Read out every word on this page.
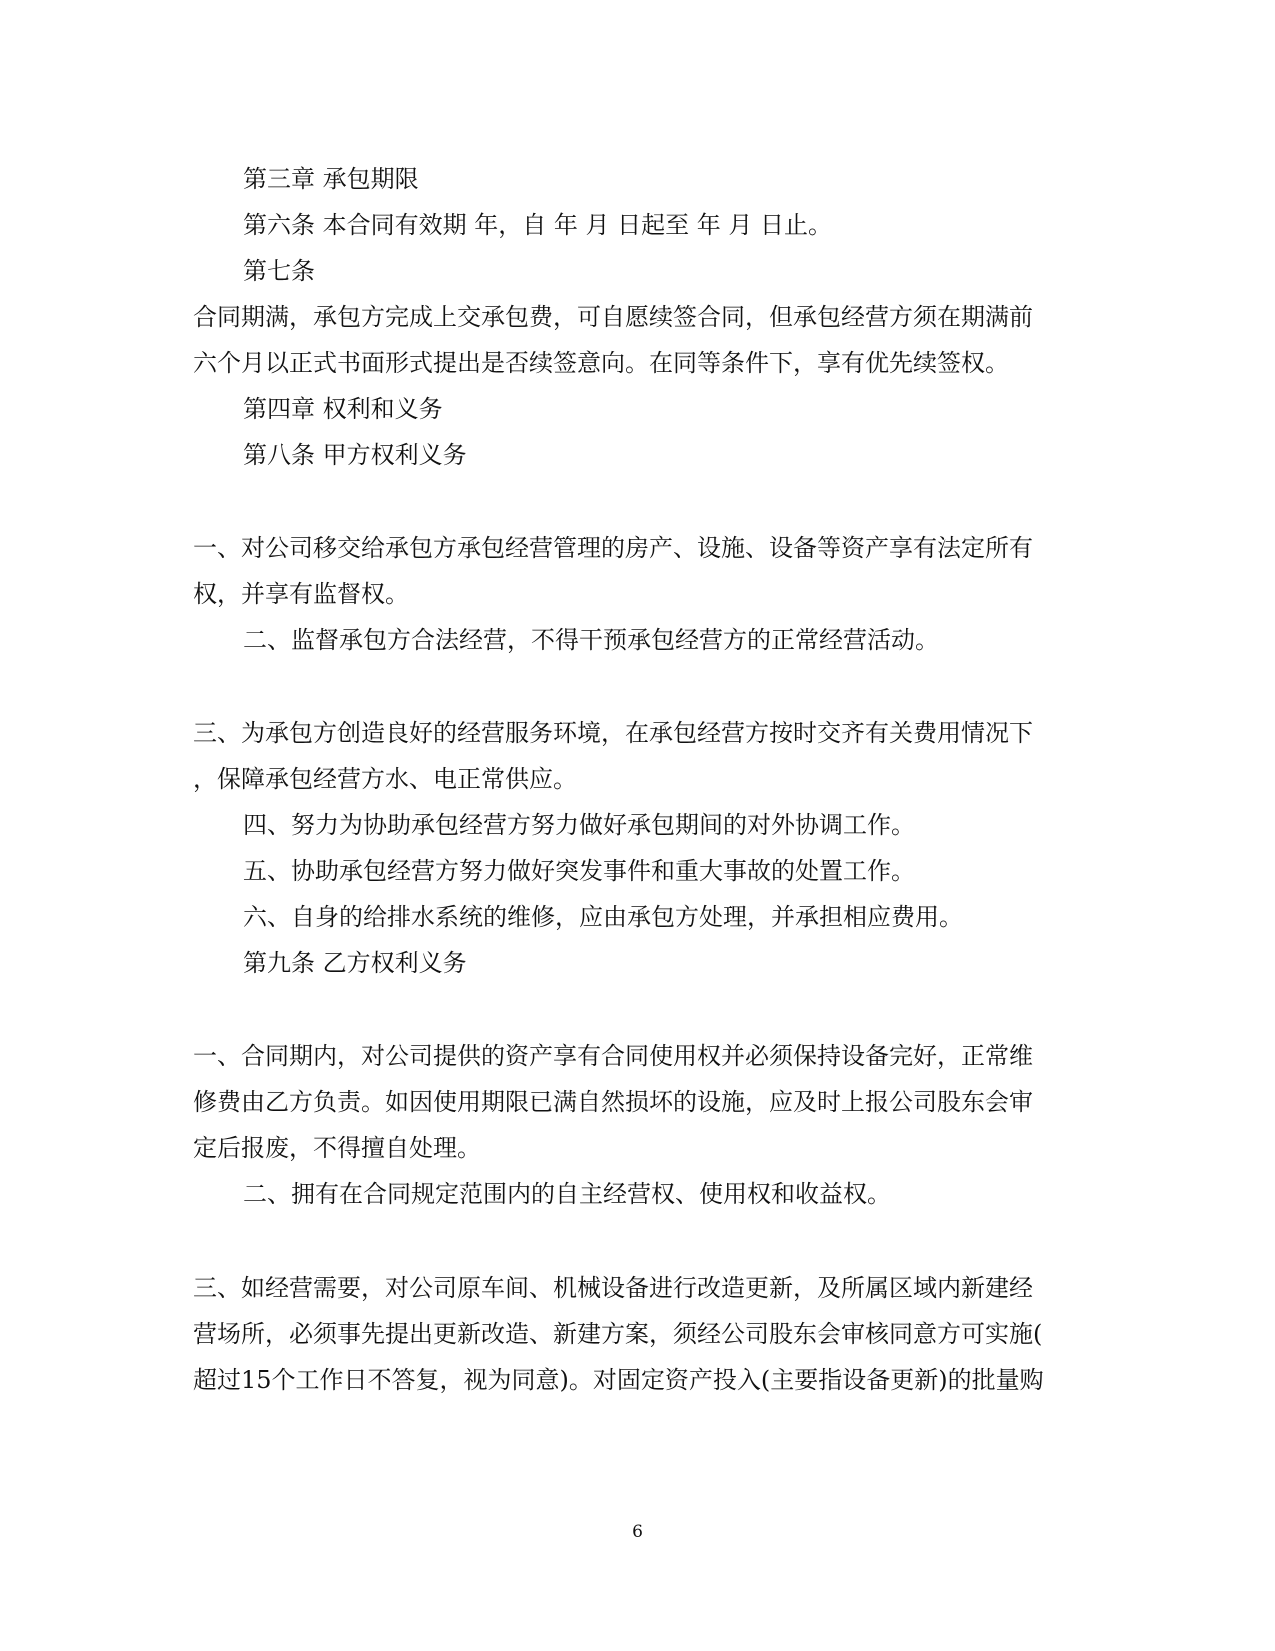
第三章 承包期限
第六条 本合同有效期 年，自 年 月 日起至 年 月 日止。
第七条
合同期满，承包方完成上交承包费，可自愿续签合同，但承包经营方须在期满前
六个月以正式书面形式提出是否续签意向。在同等条件下，享有优先续签权。
第四章 权利和义务
第八条 甲方权利义务
一、对公司移交给承包方承包经营管理的房产、设施、设备等资产享有法定所有
权，并享有监督权。
二、监督承包方合法经营，不得干预承包经营方的正常经营活动。
三、为承包方创造良好的经营服务环境，在承包经营方按时交齐有关费用情况下
，保障承包经营方水、电正常供应。
四、努力为协助承包经营方努力做好承包期间的对外协调工作。
五、协助承包经营方努力做好突发事件和重大事故的处置工作。
六、自身的给排水系统的维修，应由承包方处理，并承担相应费用。
第九条 乙方权利义务
一、合同期内，对公司提供的资产享有合同使用权并必须保持设备完好，正常维
修费由乙方负责。如因使用期限已满自然损坏的设施，应及时上报公司股东会审
定后报废，不得擅自处理。
二、拥有在合同规定范围内的自主经营权、使用权和收益权。
三、如经营需要，对公司原车间、机械设备进行改造更新，及所属区域内新建经
营场所，必须事先提出更新改造、新建方案，须经公司股东会审核同意方可实施(
超过15个工作日不答复，视为同意)。对固定资产投入(主要指设备更新)的批量购
6
